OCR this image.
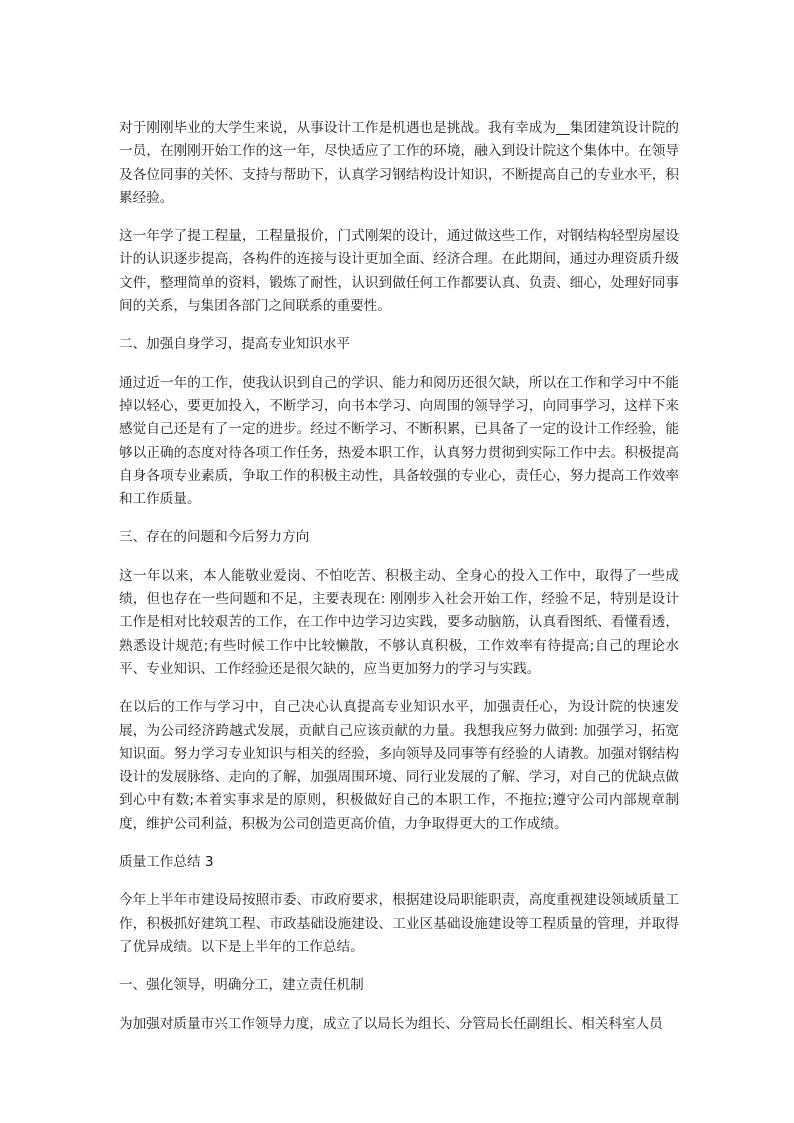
对于刚刚毕业的大学生来说，从事设计工作是机遇也是挑战。我有幸成为__集团建筑设计院的一员，在刚刚开始工作的这一年，尽快适应了工作的环境，融入到设计院这个集体中。在领导及各位同事的关怀、支持与帮助下，认真学习钢结构设计知识，不断提高自己的专业水平，积累经验。

这一年学了提工程量，工程量报价，门式刚架的设计，通过做这些工作，对钢结构轻型房屋设计的认识逐步提高，各构件的连接与设计更加全面、经济合理。在此期间，通过办理资质升级文件，整理简单的资料，锻炼了耐性，认识到做任何工作都要认真、负责、细心，处理好同事间的关系，与集团各部门之间联系的重要性。

二、加强自身学习，提高专业知识水平

通过近一年的工作，使我认识到自己的学识、能力和阅历还很欠缺，所以在工作和学习中不能掉以轻心，要更加投入，不断学习，向书本学习、向周围的领导学习，向同事学习，这样下来感觉自己还是有了一定的进步。经过不断学习、不断积累，已具备了一定的设计工作经验，能够以正确的态度对待各项工作任务，热爱本职工作，认真努力贯彻到实际工作中去。积极提高自身各项专业素质，争取工作的积极主动性，具备较强的专业心，责任心，努力提高工作效率和工作质量。

三、存在的问题和今后努力方向

这一年以来，本人能敬业爱岗、不怕吃苦、积极主动、全身心的投入工作中，取得了一些成绩，但也存在一些问题和不足，主要表现在: 刚刚步入社会开始工作，经验不足，特别是设计工作是相对比较艰苦的工作，在工作中边学习边实践，要多动脑筋，认真看图纸、看懂看透，熟悉设计规范;有些时候工作中比较懒散，不够认真积极，工作效率有待提高;自己的理论水平、专业知识、工作经验还是很欠缺的，应当更加努力的学习与实践。

在以后的工作与学习中，自己决心认真提高专业知识水平，加强责任心，为设计院的快速发展，为公司经济跨越式发展，贡献自己应该贡献的力量。我想我应努力做到: 加强学习，拓宽知识面。努力学习专业知识与相关的经验，多向领导及同事等有经验的人请教。加强对钢结构设计的发展脉络、走向的了解，加强周围环境、同行业发展的了解、学习，对自己的优缺点做到心中有数;本着实事求是的原则，积极做好自己的本职工作，不拖拉;遵守公司内部规章制度，维护公司利益，积极为公司创造更高价值，力争取得更大的工作成绩。

质量工作总结 3

今年上半年市建设局按照市委、市政府要求，根据建设局职能职责，高度重视建设领域质量工作，积极抓好建筑工程、市政基础设施建设、工业区基础设施建设等工程质量的管理，并取得了优异成绩。以下是上半年的工作总结。

一、强化领导，明确分工，建立责任机制

为加强对质量市兴工作领导力度，成立了以局长为组长、分管局长任副组长、相关科室人员
